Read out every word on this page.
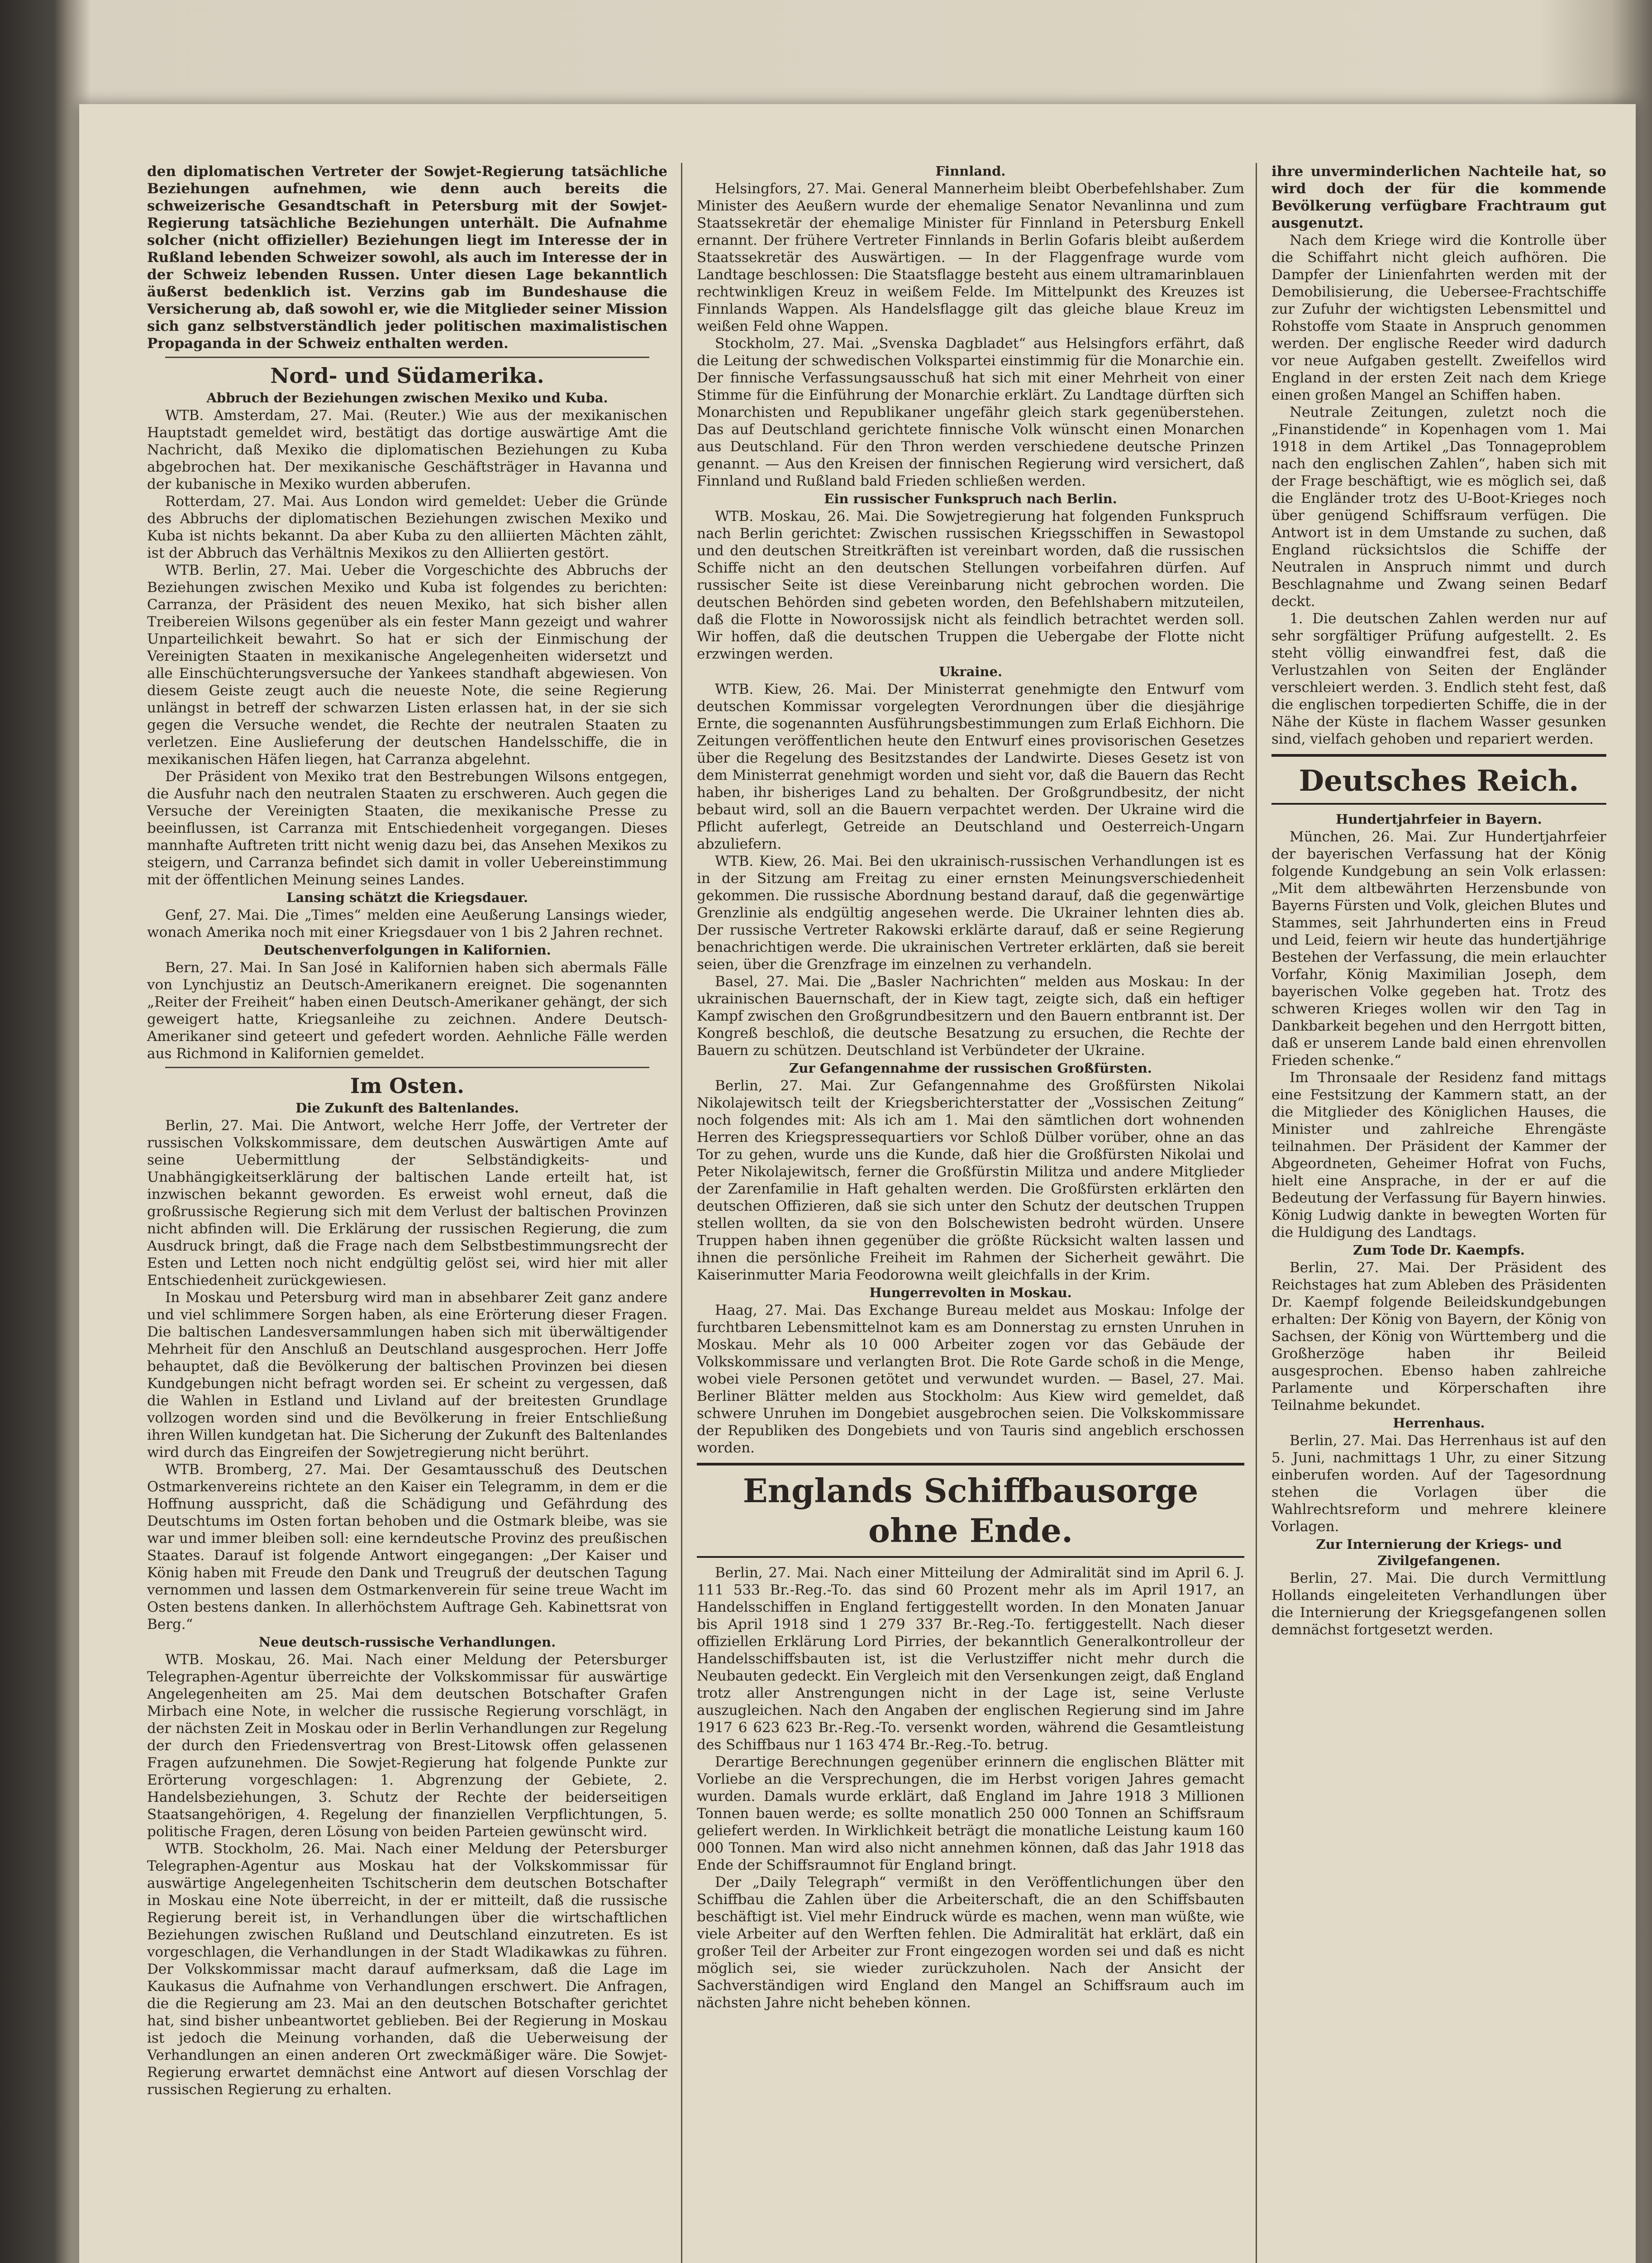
den diplomatischen Vertreter der Sowjet-Regierung tatsächliche Beziehungen aufnehmen, wie denn auch bereits die schweizerische Gesandtschaft in Petersburg mit der Sowjet-Regierung tatsächliche Beziehungen unterhält. Die Aufnahme solcher (nicht offizieller) Beziehungen liegt im Interesse der in Rußland lebenden Schweizer sowohl, als auch im Interesse der in der Schweiz lebenden Russen. Unter diesen Lage bekanntlich äußerst bedenklich ist. Verzins gab im Bundeshause die Versicherung ab, daß sowohl er, wie die Mitglieder seiner Mission sich ganz selbstverständlich jeder politischen maximalistischen Propaganda in der Schweiz enthalten werden.

Nord- und Südamerika.
Abbruch der Beziehungen zwischen Mexiko und Kuba.

WTB. Amsterdam, 27. Mai. (Reuter.) Wie aus der mexikanischen Hauptstadt gemeldet wird, bestätigt das dortige auswärtige Amt die Nachricht, daß Mexiko die diplomatischen Beziehungen zu Kuba abgebrochen hat. Der mexikanische Geschäftsträger in Havanna und der kubanische in Mexiko wurden abberufen.

Rotterdam, 27. Mai. Aus London wird gemeldet: Ueber die Gründe des Abbruchs der diplomatischen Beziehungen zwischen Mexiko und Kuba ist nichts bekannt. Da aber Kuba zu den alliierten Mächten zählt, ist der Abbruch das Verhältnis Mexikos zu den Alliierten gestört.

WTB. Berlin, 27. Mai. Ueber die Vorgeschichte des Abbruchs der Beziehungen zwischen Mexiko und Kuba ist folgendes zu berichten: Carranza, der Präsident des neuen Mexiko, hat sich bisher allen Treibereien Wilsons gegenüber als ein fester Mann gezeigt und wahrer Unparteilichkeit bewahrt. So hat er sich der Einmischung der Vereinigten Staaten in mexikanische Angelegenheiten widersetzt und alle Einschüchterungsversuche der Yankees standhaft abgewiesen. Von diesem Geiste zeugt auch die neueste Note, die seine Regierung unlängst in betreff der schwarzen Listen erlassen hat, in der sie sich gegen die Versuche wendet, die Rechte der neutralen Staaten zu verletzen. Eine Auslieferung der deutschen Handelsschiffe, die in mexikanischen Häfen liegen, hat Carranza abgelehnt.

Der Präsident von Mexiko trat den Bestrebungen Wilsons entgegen, die Ausfuhr nach den neutralen Staaten zu erschweren. Auch gegen die Versuche der Vereinigten Staaten, die mexikanische Presse zu beeinflussen, ist Carranza mit Entschiedenheit vorgegangen. Dieses mannhafte Auftreten tritt nicht wenig dazu bei, das Ansehen Mexikos zu steigern, und Carranza befindet sich damit in voller Uebereinstimmung mit der öffentlichen Meinung seines Landes.

Lansing schätzt die Kriegsdauer.

Genf, 27. Mai. Die „Times“ melden eine Aeußerung Lansings wieder, wonach Amerika noch mit einer Kriegsdauer von 1 bis 2 Jahren rechnet.

Deutschenverfolgungen in Kalifornien.

Bern, 27. Mai. In San José in Kalifornien haben sich abermals Fälle von Lynchjustiz an Deutsch-Amerikanern ereignet. Die sogenannten „Reiter der Freiheit“ haben einen Deutsch-Amerikaner gehängt, der sich geweigert hatte, Kriegsanleihe zu zeichnen. Andere Deutsch-Amerikaner sind geteert und gefedert worden. Aehnliche Fälle werden aus Richmond in Kalifornien gemeldet.

Im Osten.
Die Zukunft des Baltenlandes.

Berlin, 27. Mai. Die Antwort, welche Herr Joffe, der Vertreter der russischen Volkskommissare, dem deutschen Auswärtigen Amte auf seine Uebermittlung der Selbständigkeits- und Unabhängigkeitserklärung der baltischen Lande erteilt hat, ist inzwischen bekannt geworden. Es erweist wohl erneut, daß die großrussische Regierung sich mit dem Verlust der baltischen Provinzen nicht abfinden will. Die Erklärung der russischen Regierung, die zum Ausdruck bringt, daß die Frage nach dem Selbstbestimmungsrecht der Esten und Letten noch nicht endgültig gelöst sei, wird hier mit aller Entschiedenheit zurückgewiesen.

In Moskau und Petersburg wird man in absehbarer Zeit ganz andere und viel schlimmere Sorgen haben, als eine Erörterung dieser Fragen. Die baltischen Landesversammlungen haben sich mit überwältigender Mehrheit für den Anschluß an Deutschland ausgesprochen. Herr Joffe behauptet, daß die Bevölkerung der baltischen Provinzen bei diesen Kundgebungen nicht befragt worden sei. Er scheint zu vergessen, daß die Wahlen in Estland und Livland auf der breitesten Grundlage vollzogen worden sind und die Bevölkerung in freier Entschließung ihren Willen kundgetan hat. Die Sicherung der Zukunft des Baltenlandes wird durch das Eingreifen der Sowjetregierung nicht berührt.

WTB. Bromberg, 27. Mai. Der Gesamtausschuß des Deutschen Ostmarkenvereins richtete an den Kaiser ein Telegramm, in dem er die Hoffnung ausspricht, daß die Schädigung und Gefährdung des Deutschtums im Osten fortan behoben und die Ostmark bleibe, was sie war und immer bleiben soll: eine kerndeutsche Provinz des preußischen Staates. Darauf ist folgende Antwort eingegangen: „Der Kaiser und König haben mit Freude den Dank und Treugruß der deutschen Tagung vernommen und lassen dem Ostmarkenverein für seine treue Wacht im Osten bestens danken. In allerhöchstem Auftrage Geh. Kabinettsrat von Berg.“

Neue deutsch-russische Verhandlungen.

WTB. Moskau, 26. Mai. Nach einer Meldung der Petersburger Telegraphen-Agentur überreichte der Volkskommissar für auswärtige Angelegenheiten am 25. Mai dem deutschen Botschafter Grafen Mirbach eine Note, in welcher die russische Regierung vorschlägt, in der nächsten Zeit in Moskau oder in Berlin Verhandlungen zur Regelung der durch den Friedensvertrag von Brest-Litowsk offen gelassenen Fragen aufzunehmen. Die Sowjet-Regierung hat folgende Punkte zur Erörterung vorgeschlagen: 1. Abgrenzung der Gebiete, 2. Handelsbeziehungen, 3. Schutz der Rechte der beiderseitigen Staatsangehörigen, 4. Regelung der finanziellen Verpflichtungen, 5. politische Fragen, deren Lösung von beiden Parteien gewünscht wird.

WTB. Stockholm, 26. Mai. Nach einer Meldung der Petersburger Telegraphen-Agentur aus Moskau hat der Volkskommissar für auswärtige Angelegenheiten Tschitscherin dem deutschen Botschafter in Moskau eine Note überreicht, in der er mitteilt, daß die russische Regierung bereit ist, in Verhandlungen über die wirtschaftlichen Beziehungen zwischen Rußland und Deutschland einzutreten. Es ist vorgeschlagen, die Verhandlungen in der Stadt Wladikawkas zu führen. Der Volkskommissar macht darauf aufmerksam, daß die Lage im Kaukasus die Aufnahme von Verhandlungen erschwert. Die Anfragen, die die Regierung am 23. Mai an den deutschen Botschafter gerichtet hat, sind bisher unbeantwortet geblieben. Bei der Regierung in Moskau ist jedoch die Meinung vorhanden, daß die Ueberweisung der Verhandlungen an einen anderen Ort zweckmäßiger wäre. Die Sowjet-Regierung erwartet demnächst eine Antwort auf diesen Vorschlag der russischen Regierung zu erhalten.

Finnland.

Helsingfors, 27. Mai. General Mannerheim bleibt Oberbefehlshaber. Zum Minister des Aeußern wurde der ehemalige Senator Nevanlinna und zum Staatssekretär der ehemalige Minister für Finnland in Petersburg Enkell ernannt. Der frühere Vertreter Finnlands in Berlin Gofaris bleibt außerdem Staatssekretär des Auswärtigen. — In der Flaggenfrage wurde vom Landtage beschlossen: Die Staatsflagge besteht aus einem ultramarinblauen rechtwinkligen Kreuz in weißem Felde. Im Mittelpunkt des Kreuzes ist Finnlands Wappen. Als Handelsflagge gilt das gleiche blaue Kreuz im weißen Feld ohne Wappen.

Stockholm, 27. Mai. „Svenska Dagbladet“ aus Helsingfors erfährt, daß die Leitung der schwedischen Volkspartei einstimmig für die Monarchie ein. Der finnische Verfassungsausschuß hat sich mit einer Mehrheit von einer Stimme für die Einführung der Monarchie erklärt. Zu Landtage dürften sich Monarchisten und Republikaner ungefähr gleich stark gegenüberstehen. Das auf Deutschland gerichtete finnische Volk wünscht einen Monarchen aus Deutschland. Für den Thron werden verschiedene deutsche Prinzen genannt. — Aus den Kreisen der finnischen Regierung wird versichert, daß Finnland und Rußland bald Frieden schließen werden.

Ein russischer Funkspruch nach Berlin.

WTB. Moskau, 26. Mai. Die Sowjetregierung hat folgenden Funkspruch nach Berlin gerichtet: Zwischen russischen Kriegsschiffen in Sewastopol und den deutschen Streitkräften ist vereinbart worden, daß die russischen Schiffe nicht an den deutschen Stellungen vorbeifahren dürfen. Auf russischer Seite ist diese Vereinbarung nicht gebrochen worden. Die deutschen Behörden sind gebeten worden, den Befehlshabern mitzuteilen, daß die Flotte in Noworossijsk nicht als feindlich betrachtet werden soll. Wir hoffen, daß die deutschen Truppen die Uebergabe der Flotte nicht erzwingen werden.

Ukraine.

WTB. Kiew, 26. Mai. Der Ministerrat genehmigte den Entwurf vom deutschen Kommissar vorgelegten Verordnungen über die diesjährige Ernte, die sogenannten Ausführungsbestimmungen zum Erlaß Eichhorn. Die Zeitungen veröffentlichen heute den Entwurf eines provisorischen Gesetzes über die Regelung des Besitzstandes der Landwirte. Dieses Gesetz ist von dem Ministerrat genehmigt worden und sieht vor, daß die Bauern das Recht haben, ihr bisheriges Land zu behalten. Der Großgrundbesitz, der nicht bebaut wird, soll an die Bauern verpachtet werden. Der Ukraine wird die Pflicht auferlegt, Getreide an Deutschland und Oesterreich-Ungarn abzuliefern.

WTB. Kiew, 26. Mai. Bei den ukrainisch-russischen Verhandlungen ist es in der Sitzung am Freitag zu einer ernsten Meinungsverschiedenheit gekommen. Die russische Abordnung bestand darauf, daß die gegenwärtige Grenzlinie als endgültig angesehen werde. Die Ukrainer lehnten dies ab. Der russische Vertreter Rakowski erklärte darauf, daß er seine Regierung benachrichtigen werde. Die ukrainischen Vertreter erklärten, daß sie bereit seien, über die Grenzfrage im einzelnen zu verhandeln.

Basel, 27. Mai. Die „Basler Nachrichten“ melden aus Moskau: In der ukrainischen Bauernschaft, der in Kiew tagt, zeigte sich, daß ein heftiger Kampf zwischen den Großgrundbesitzern und den Bauern entbrannt ist. Der Kongreß beschloß, die deutsche Besatzung zu ersuchen, die Rechte der Bauern zu schützen. Deutschland ist Verbündeter der Ukraine.

Zur Gefangennahme der russischen Großfürsten.

Berlin, 27. Mai. Zur Gefangennahme des Großfürsten Nikolai Nikolajewitsch teilt der Kriegsberichterstatter der „Vossischen Zeitung“ noch folgendes mit: Als ich am 1. Mai den sämtlichen dort wohnenden Herren des Kriegspressequartiers vor Schloß Dülber vorüber, ohne an das Tor zu gehen, wurde uns die Kunde, daß hier die Großfürsten Nikolai und Peter Nikolajewitsch, ferner die Großfürstin Militza und andere Mitglieder der Zarenfamilie in Haft gehalten werden. Die Großfürsten erklärten den deutschen Offizieren, daß sie sich unter den Schutz der deutschen Truppen stellen wollten, da sie von den Bolschewisten bedroht würden. Unsere Truppen haben ihnen gegenüber die größte Rücksicht walten lassen und ihnen die persönliche Freiheit im Rahmen der Sicherheit gewährt. Die Kaiserinmutter Maria Feodorowna weilt gleichfalls in der Krim.

Hungerrevolten in Moskau.

Haag, 27. Mai. Das Exchange Bureau meldet aus Moskau: Infolge der furchtbaren Lebensmittelnot kam es am Donnerstag zu ernsten Unruhen in Moskau. Mehr als 10 000 Arbeiter zogen vor das Gebäude der Volkskommissare und verlangten Brot. Die Rote Garde schoß in die Menge, wobei viele Personen getötet und verwundet wurden. — Basel, 27. Mai. Berliner Blätter melden aus Stockholm: Aus Kiew wird gemeldet, daß schwere Unruhen im Dongebiet ausgebrochen seien. Die Volkskommissare der Republiken des Dongebiets und von Tauris sind angeblich erschossen worden.

Englands Schiffbausorge ohne Ende.

Berlin, 27. Mai. Nach einer Mitteilung der Admiralität sind im April 6. J. 111 533 Br.-Reg.-To. das sind 60 Prozent mehr als im April 1917, an Handelsschiffen in England fertiggestellt worden. In den Monaten Januar bis April 1918 sind 1 279 337 Br.-Reg.-To. fertiggestellt. Nach dieser offiziellen Erklärung Lord Pirries, der bekanntlich Generalkontrolleur der Handelsschiffsbauten ist, ist die Verlustziffer nicht mehr durch die Neubauten gedeckt. Ein Vergleich mit den Versenkungen zeigt, daß England trotz aller Anstrengungen nicht in der Lage ist, seine Verluste auszugleichen. Nach den Angaben der englischen Regierung sind im Jahre 1917 6 623 623 Br.-Reg.-To. versenkt worden, während die Gesamtleistung des Schiffbaus nur 1 163 474 Br.-Reg.-To. betrug.

Derartige Berechnungen gegenüber erinnern die englischen Blätter mit Vorliebe an die Versprechungen, die im Herbst vorigen Jahres gemacht wurden. Damals wurde erklärt, daß England im Jahre 1918 3 Millionen Tonnen bauen werde; es sollte monatlich 250 000 Tonnen an Schiffsraum geliefert werden. In Wirklichkeit beträgt die monatliche Leistung kaum 160 000 Tonnen. Man wird also nicht annehmen können, daß das Jahr 1918 das Ende der Schiffsraumnot für England bringt.

Der „Daily Telegraph“ vermißt in den Veröffentlichungen über den Schiffbau die Zahlen über die Arbeiterschaft, die an den Schiffsbauten beschäftigt ist. Viel mehr Eindruck würde es machen, wenn man wüßte, wie viele Arbeiter auf den Werften fehlen. Die Admiralität hat erklärt, daß ein großer Teil der Arbeiter zur Front eingezogen worden sei und daß es nicht möglich sei, sie wieder zurückzuholen. Nach der Ansicht der Sachverständigen wird England den Mangel an Schiffsraum auch im nächsten Jahre nicht beheben können.

ihre unverminderlichen Nachteile hat, so wird doch der für die kommende Bevölkerung verfügbare Frachtraum gut ausgenutzt.

Nach dem Kriege wird die Kontrolle über die Schiffahrt nicht gleich aufhören. Die Dampfer der Linienfahrten werden mit der Demobilisierung, die Uebersee-Frachtschiffe zur Zufuhr der wichtigsten Lebensmittel und Rohstoffe vom Staate in Anspruch genommen werden. Der englische Reeder wird dadurch vor neue Aufgaben gestellt. Zweifellos wird England in der ersten Zeit nach dem Kriege einen großen Mangel an Schiffen haben.

Neutrale Zeitungen, zuletzt noch die „Finanstidende“ in Kopenhagen vom 1. Mai 1918 in dem Artikel „Das Tonnageproblem nach den englischen Zahlen“, haben sich mit der Frage beschäftigt, wie es möglich sei, daß die Engländer trotz des U-Boot-Krieges noch über genügend Schiffsraum verfügen. Die Antwort ist in dem Umstande zu suchen, daß England rücksichtslos die Schiffe der Neutralen in Anspruch nimmt und durch Beschlagnahme und Zwang seinen Bedarf deckt.

1. Die deutschen Zahlen werden nur auf sehr sorgfältiger Prüfung aufgestellt. 2. Es steht völlig einwandfrei fest, daß die Verlustzahlen von Seiten der Engländer verschleiert werden. 3. Endlich steht fest, daß die englischen torpedierten Schiffe, die in der Nähe der Küste in flachem Wasser gesunken sind, vielfach gehoben und repariert werden.

Deutsches Reich.
Hundertjahrfeier in Bayern.

München, 26. Mai. Zur Hundertjahrfeier der bayerischen Verfassung hat der König folgende Kundgebung an sein Volk erlassen: „Mit dem altbewährten Herzensbunde von Bayerns Fürsten und Volk, gleichen Blutes und Stammes, seit Jahrhunderten eins in Freud und Leid, feiern wir heute das hundertjährige Bestehen der Verfassung, die mein erlauchter Vorfahr, König Maximilian Joseph, dem bayerischen Volke gegeben hat. Trotz des schweren Krieges wollen wir den Tag in Dankbarkeit begehen und den Herrgott bitten, daß er unserem Lande bald einen ehrenvollen Frieden schenke.“

Im Thronsaale der Residenz fand mittags eine Festsitzung der Kammern statt, an der die Mitglieder des Königlichen Hauses, die Minister und zahlreiche Ehrengäste teilnahmen. Der Präsident der Kammer der Abgeordneten, Geheimer Hofrat von Fuchs, hielt eine Ansprache, in der er auf die Bedeutung der Verfassung für Bayern hinwies. König Ludwig dankte in bewegten Worten für die Huldigung des Landtags.

Zum Tode Dr. Kaempfs.

Berlin, 27. Mai. Der Präsident des Reichstages hat zum Ableben des Präsidenten Dr. Kaempf folgende Beileidskundgebungen erhalten: Der König von Bayern, der König von Sachsen, der König von Württemberg und die Großherzöge haben ihr Beileid ausgesprochen. Ebenso haben zahlreiche Parlamente und Körperschaften ihre Teilnahme bekundet.

Herrenhaus.

Berlin, 27. Mai. Das Herrenhaus ist auf den 5. Juni, nachmittags 1 Uhr, zu einer Sitzung einberufen worden. Auf der Tagesordnung stehen die Vorlagen über die Wahlrechtsreform und mehrere kleinere Vorlagen.

Zur Internierung der Kriegs- und Zivilgefangenen.

Berlin, 27. Mai. Die durch Vermittlung Hollands eingeleiteten Verhandlungen über die Internierung der Kriegsgefangenen sollen demnächst fortgesetzt werden.
